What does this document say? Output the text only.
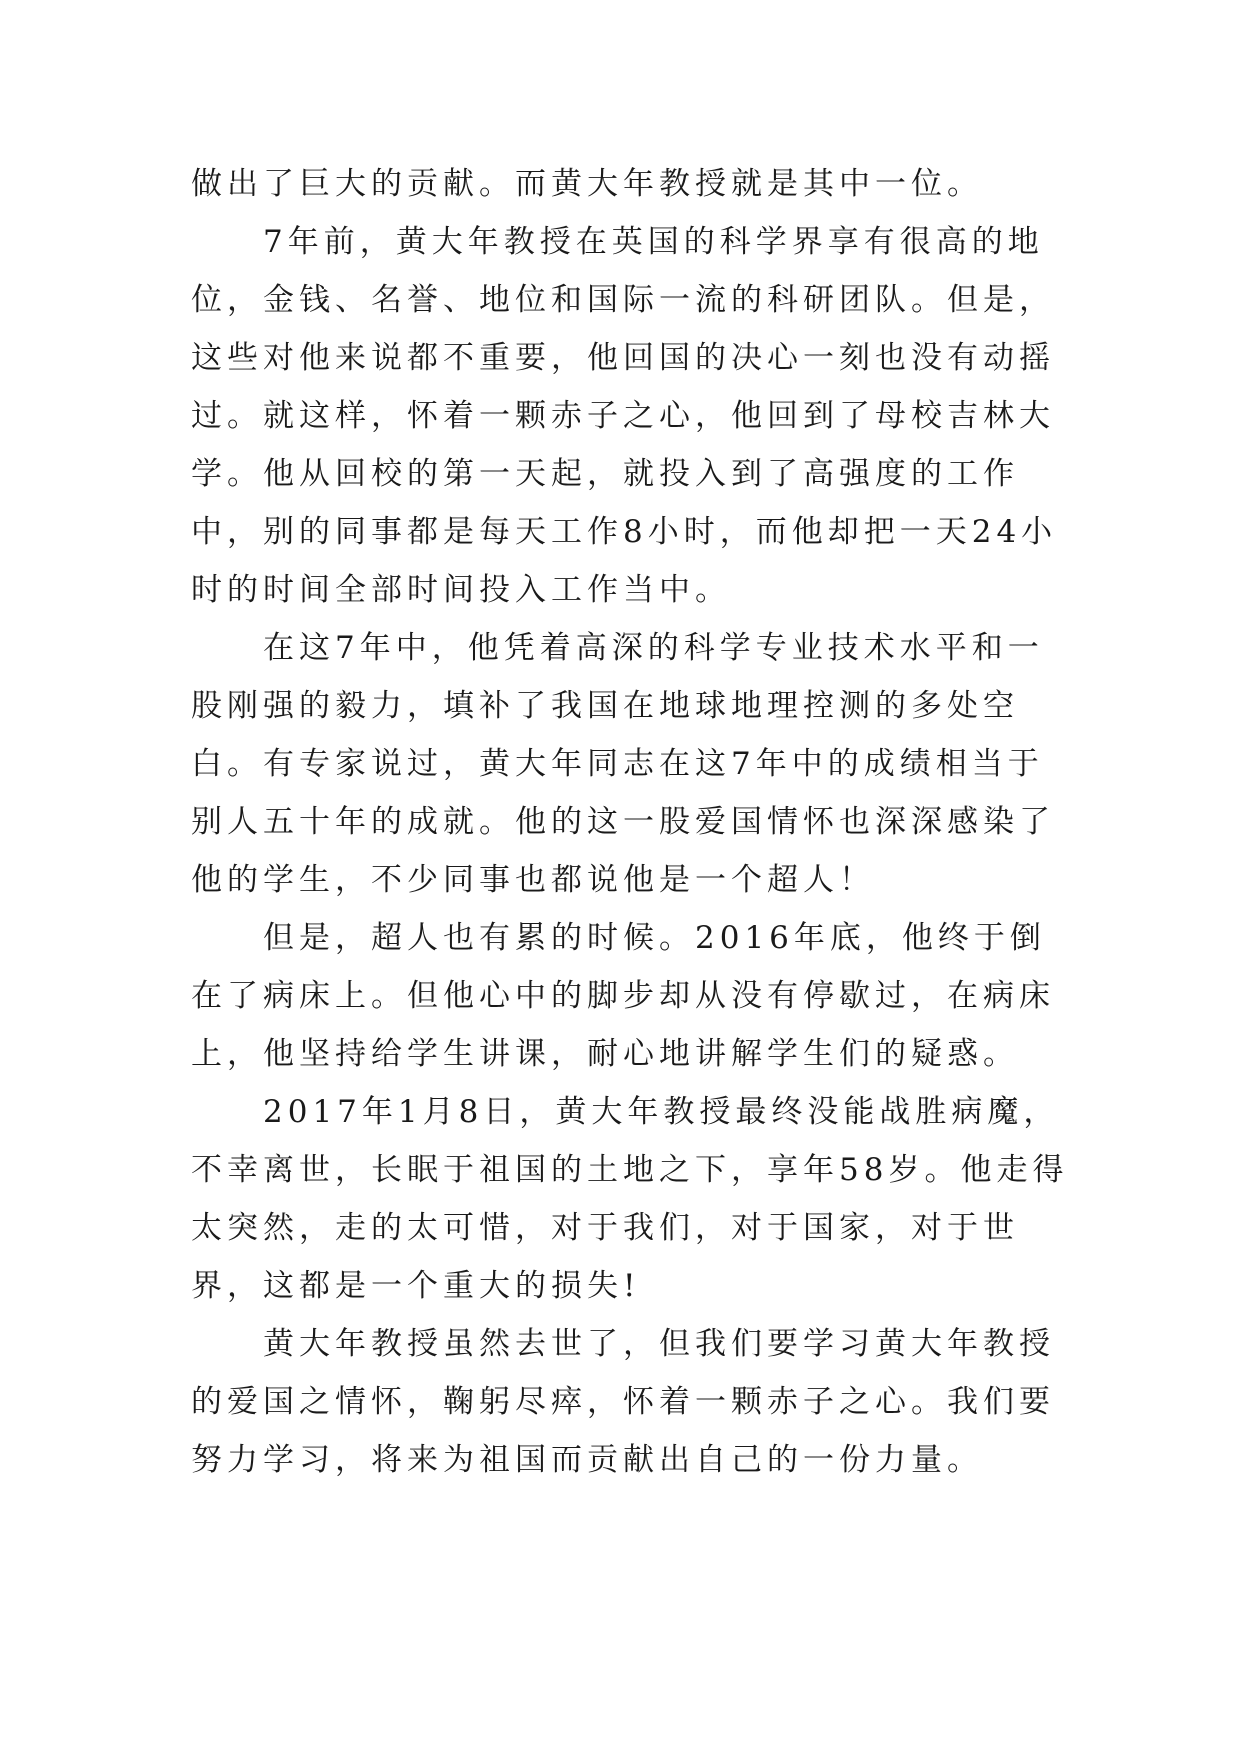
做出了巨大的贡献。而黄大年教授就是其中一位。

7年前，黄大年教授在英国的科学界享有很高的地位，金钱、名誉、地位和国际一流的科研团队。但是，这些对他来说都不重要，他回国的决心一刻也没有动摇过。就这样，怀着一颗赤子之心，他回到了母校吉林大学。他从回校的第一天起，就投入到了高强度的工作中，别的同事都是每天工作8小时，而他却把一天24小时的时间全部时间投入工作当中。

在这7年中，他凭着高深的科学专业技术水平和一股刚强的毅力，填补了我国在地球地理控测的多处空白。有专家说过，黄大年同志在这7年中的成绩相当于别人五十年的成就。他的这一股爱国情怀也深深感染了他的学生，不少同事也都说他是一个超人！

但是，超人也有累的时候。2016年底，他终于倒在了病床上。但他心中的脚步却从没有停歇过，在病床上，他坚持给学生讲课，耐心地讲解学生们的疑惑。

2017年1月8日，黄大年教授最终没能战胜病魔，不幸离世，长眠于祖国的土地之下，享年58岁。他走得太突然，走的太可惜，对于我们，对于国家，对于世界，这都是一个重大的损失!

黄大年教授虽然去世了，但我们要学习黄大年教授的爱国之情怀，鞠躬尽瘁，怀着一颗赤子之心。我们要努力学习，将来为祖国而贡献出自己的一份力量。
